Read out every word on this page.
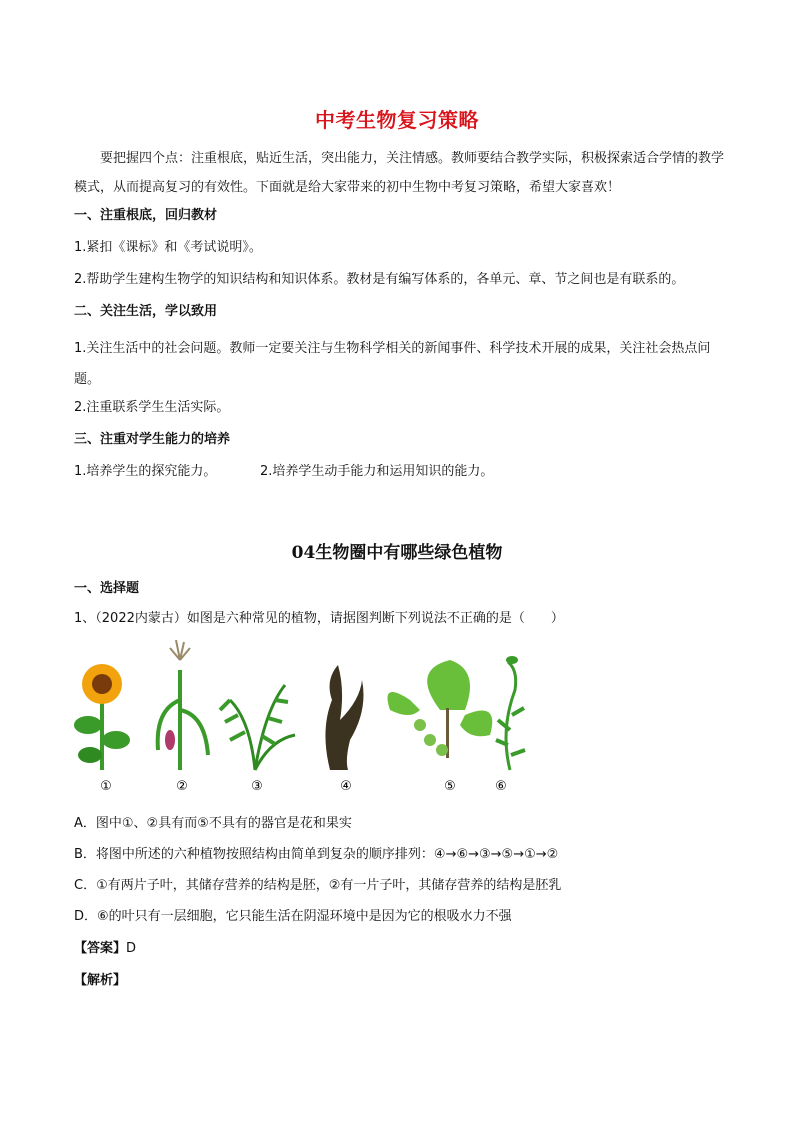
中考生物复习策略
要把握四个点：注重根底，贴近生活，突出能力，关注情感。教师要结合教学实际，积极探索适合学情的教学模式，从而提高复习的有效性。下面就是给大家带来的初中生物中考复习策略，希望大家喜欢！
一、注重根底，回归教材
1.紧扣《课标》和《考试说明》。
2.帮助学生建构生物学的知识结构和知识体系。教材是有编写体系的，各单元、章、节之间也是有联系的。
二、关注生活，学以致用
1.关注生活中的社会问题。教师一定要关注与生物科学相关的新闻事件、科学技术开展的成果，关注社会热点问题。
2.注重联系学生生活实际。
三、注重对学生能力的培养
1.培养学生的探究能力。	2.培养学生动手能力和运用知识的能力。
04生物圈中有哪些绿色植物
一、选择题
1、（2022内蒙古）如图是六种常见的植物，请据图判断下列说法不正确的是（　　）
①	②	③	④	⑤	⑥
A．图中①、②具有而⑤不具有的器官是花和果实
B．将图中所述的六种植物按照结构由简单到复杂的顺序排列：④→⑥→③→⑤→①→②
C．①有两片子叶，其储存营养的结构是胚，②有一片子叶，其储存营养的结构是胚乳
D．⑥的叶只有一层细胞，它只能生活在阴湿环境中是因为它的根吸水力不强
【答案】D
【解析】
